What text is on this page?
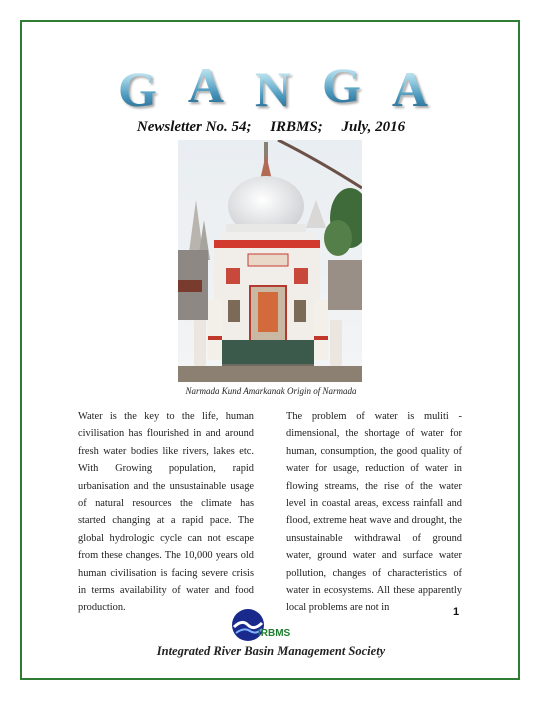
G A N G A
Newsletter No. 54;     IRBMS;     July, 2016
Narmada Kund Amarkanak Origin of Narmada
Water is the key to the life, human civilisation has flourished in and around fresh water bodies like rivers, lakes etc. With Growing population, rapid urbanisation and the unsustainable usage of natural resources the climate has started changing at a rapid pace. The global hydrologic cycle can not escape from these changes. The 10,000 years old human civilisation is facing severe crisis in terms availability of water and food production.
The problem of water is muliti -dimensional, the shortage of water for human, consumption, the good quality of water for usage, reduction of water in flowing streams, the rise of the water level in coastal areas, excess rainfall and flood, extreme heat wave and drought, the unsustainable withdrawal of ground water, ground water and surface water pollution, changes of characteristics of water in ecosystems. All these apparently local problems are not in	1
IRBMS
Integrated River Basin Management Society
